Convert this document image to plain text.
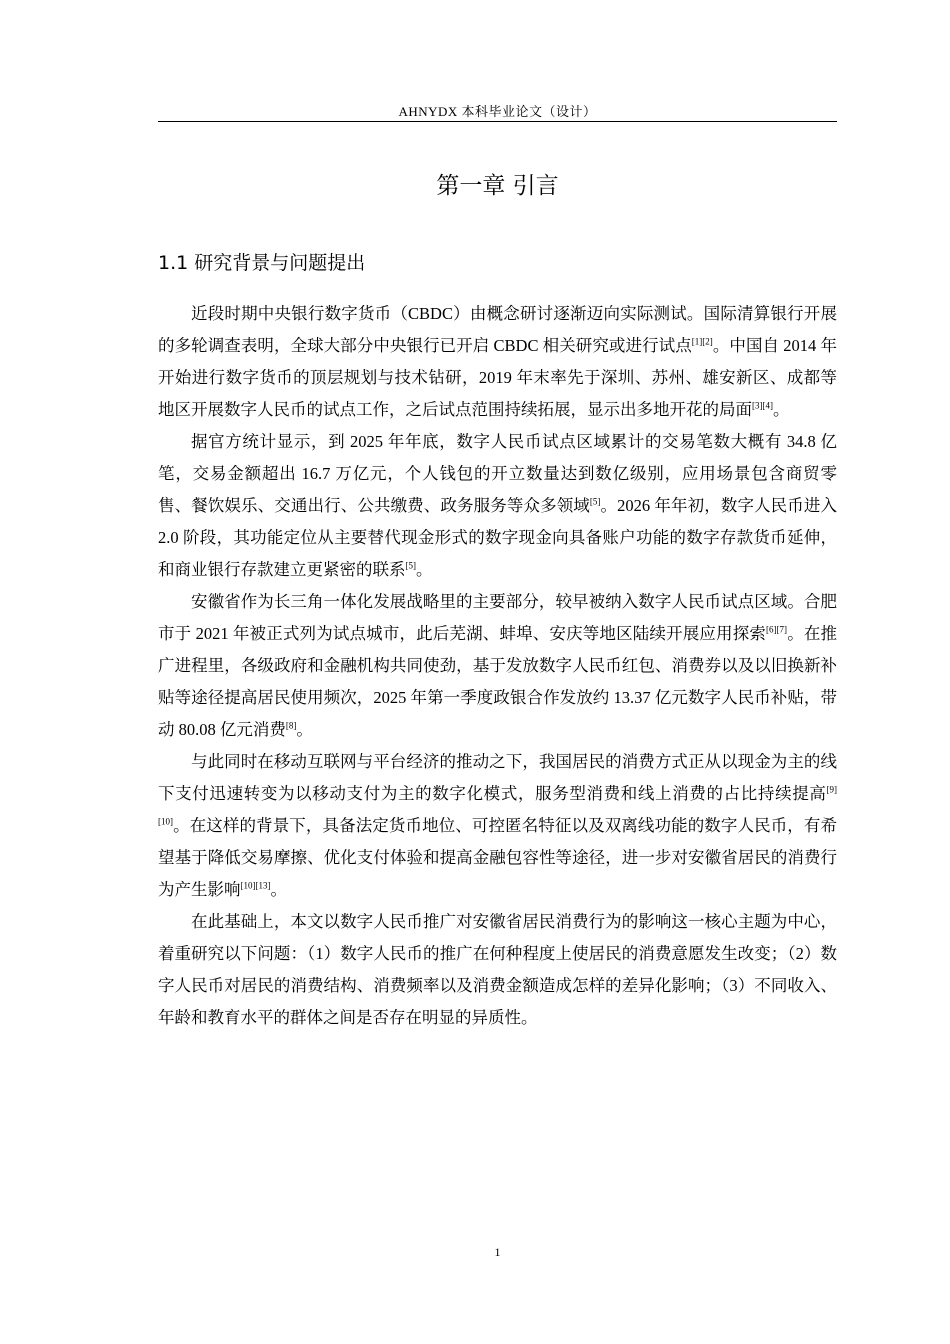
AHNYDX 本科毕业论文（设计）
第一章 引言
1.1 研究背景与问题提出

近段时期中央银行数字货币（CBDC）由概念研讨逐渐迈向实际测试。国际清算银行开展的多轮调查表明，全球大部分中央银行已开启 CBDC 相关研究或进行试点[1][2]。中国自 2014 年开始进行数字货币的顶层规划与技术钻研，2019 年末率先于深圳、苏州、雄安新区、成都等地区开展数字人民币的试点工作，之后试点范围持续拓展，显示出多地开花的局面[3][4]。

据官方统计显示，到 2025 年年底，数字人民币试点区域累计的交易笔数大概有 34.8 亿笔，交易金额超出 16.7 万亿元，个人钱包的开立数量达到数亿级别，应用场景包含商贸零售、餐饮娱乐、交通出行、公共缴费、政务服务等众多领域[5]。2026 年年初，数字人民币进入 2.0 阶段，其功能定位从主要替代现金形式的数字现金向具备账户功能的数字存款货币延伸，和商业银行存款建立更紧密的联系[5]。

安徽省作为长三角一体化发展战略里的主要部分，较早被纳入数字人民币试点区域。合肥市于 2021 年被正式列为试点城市，此后芜湖、蚌埠、安庆等地区陆续开展应用探索[6][7]。在推广进程里，各级政府和金融机构共同使劲，基于发放数字人民币红包、消费券以及以旧换新补贴等途径提高居民使用频次，2025 年第一季度政银合作发放约 13.37 亿元数字人民币补贴，带动 80.08 亿元消费[8]。

与此同时在移动互联网与平台经济的推动之下，我国居民的消费方式正从以现金为主的线下支付迅速转变为以移动支付为主的数字化模式，服务型消费和线上消费的占比持续提高[9][10]。在这样的背景下，具备法定货币地位、可控匿名特征以及双离线功能的数字人民币，有希望基于降低交易摩擦、优化支付体验和提高金融包容性等途径，进一步对安徽省居民的消费行为产生影响[10][13]。

在此基础上，本文以数字人民币推广对安徽省居民消费行为的影响这一核心主题为中心，着重研究以下问题：（1）数字人民币的推广在何种程度上使居民的消费意愿发生改变；（2）数字人民币对居民的消费结构、消费频率以及消费金额造成怎样的差异化影响；（3）不同收入、年龄和教育水平的群体之间是否存在明显的异质性。

1
